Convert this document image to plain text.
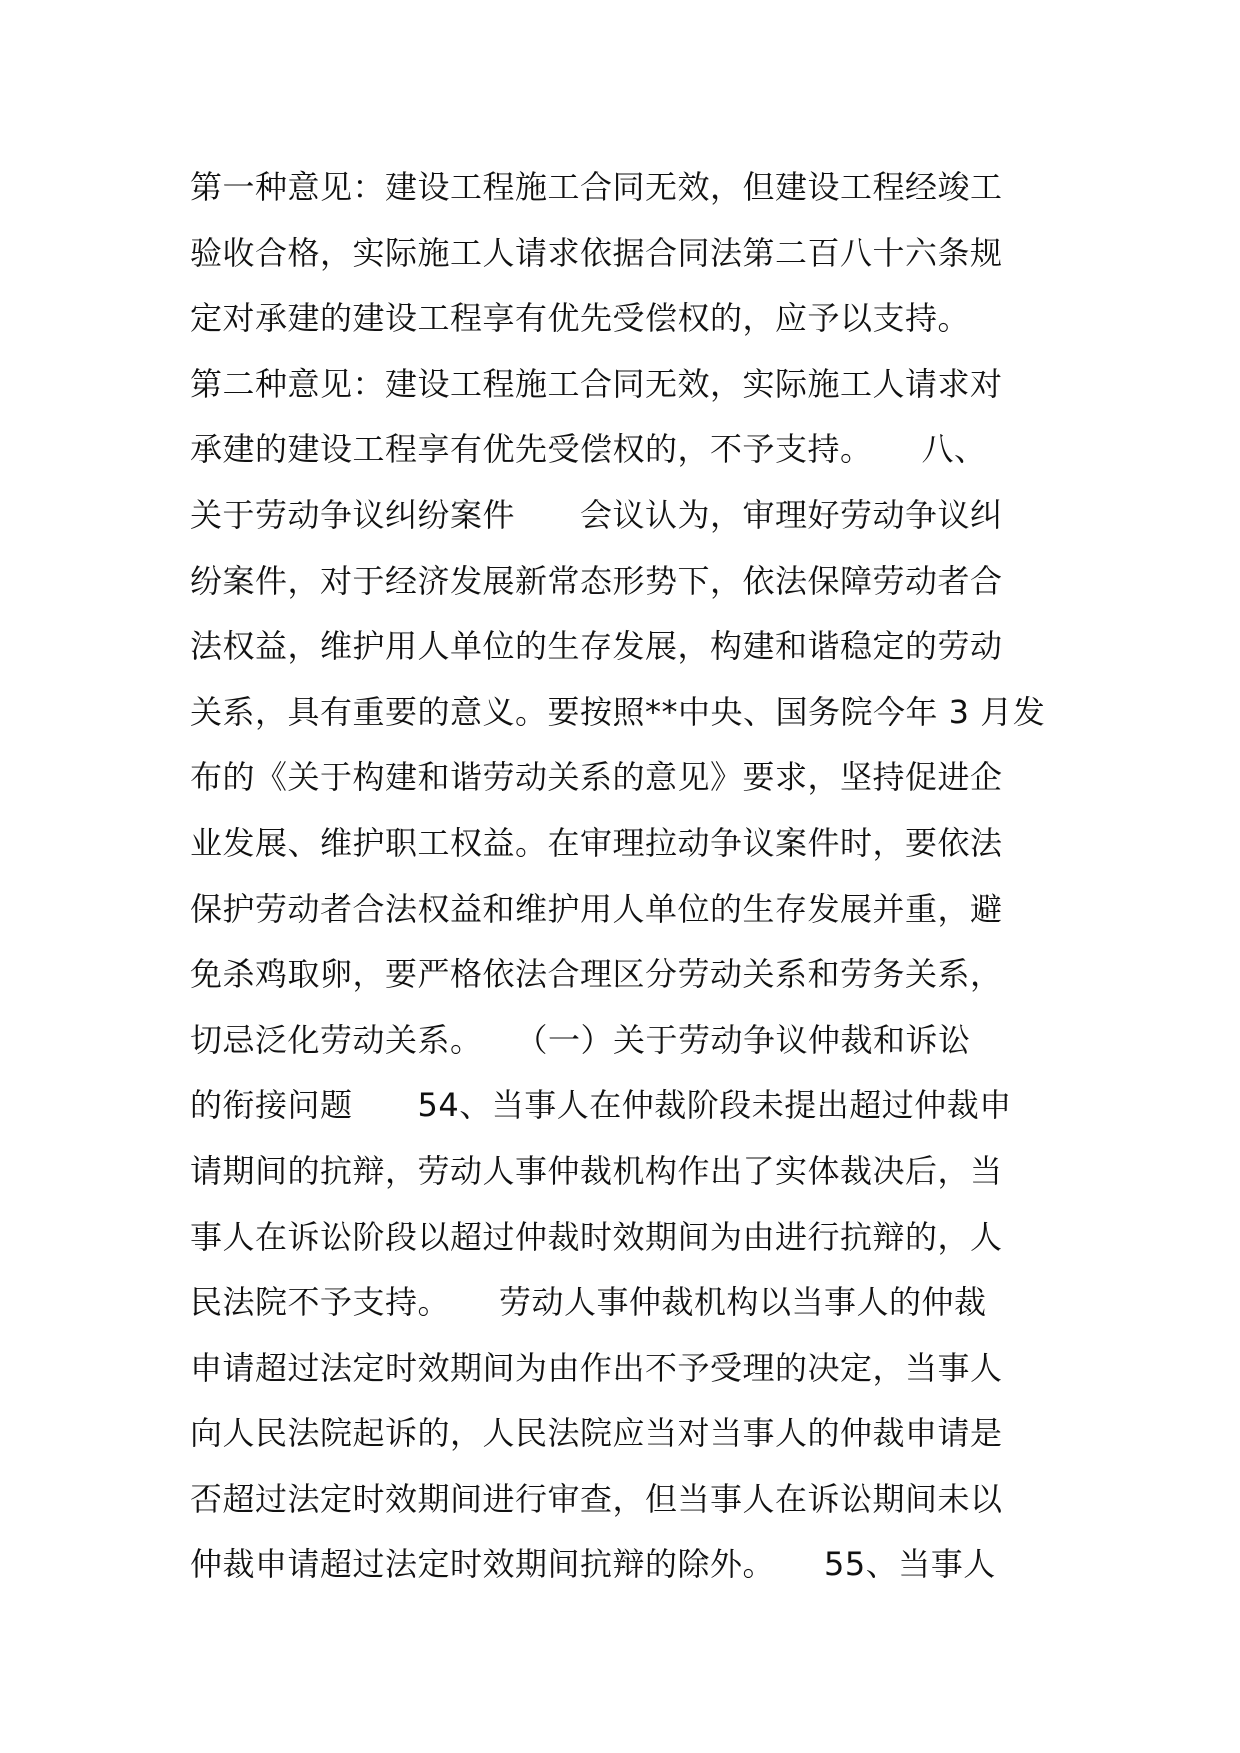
第一种意见：建设工程施工合同无效，但建设工程经竣工
验收合格，实际施工人请求依据合同法第二百八十六条规
定对承建的建设工程享有优先受偿权的，应予以支持。
第二种意见：建设工程施工合同无效，实际施工人请求对
承建的建设工程享有优先受偿权的，不予支持。　　八、
关于劳动争议纠纷案件　　会议认为，审理好劳动争议纠
纷案件，对于经济发展新常态形势下，依法保障劳动者合
法权益，维护用人单位的生存发展，构建和谐稳定的劳动
关系，具有重要的意义。要按照**中央、国务院今年 3 月发
布的《关于构建和谐劳动关系的意见》要求，坚持促进企
业发展、维护职工权益。在审理拉动争议案件时，要依法
保护劳动者合法权益和维护用人单位的生存发展并重，避
免杀鸡取卵，要严格依法合理区分劳动关系和劳务关系，
切忌泛化劳动关系。　　（一）关于劳动争议仲裁和诉讼
的衔接问题　　54、当事人在仲裁阶段未提出超过仲裁申
请期间的抗辩，劳动人事仲裁机构作出了实体裁决后，当
事人在诉讼阶段以超过仲裁时效期间为由进行抗辩的，人
民法院不予支持。　　劳动人事仲裁机构以当事人的仲裁
申请超过法定时效期间为由作出不予受理的决定，当事人
向人民法院起诉的，人民法院应当对当事人的仲裁申请是
否超过法定时效期间进行审查，但当事人在诉讼期间未以
仲裁申请超过法定时效期间抗辩的除外。　　55、当事人
